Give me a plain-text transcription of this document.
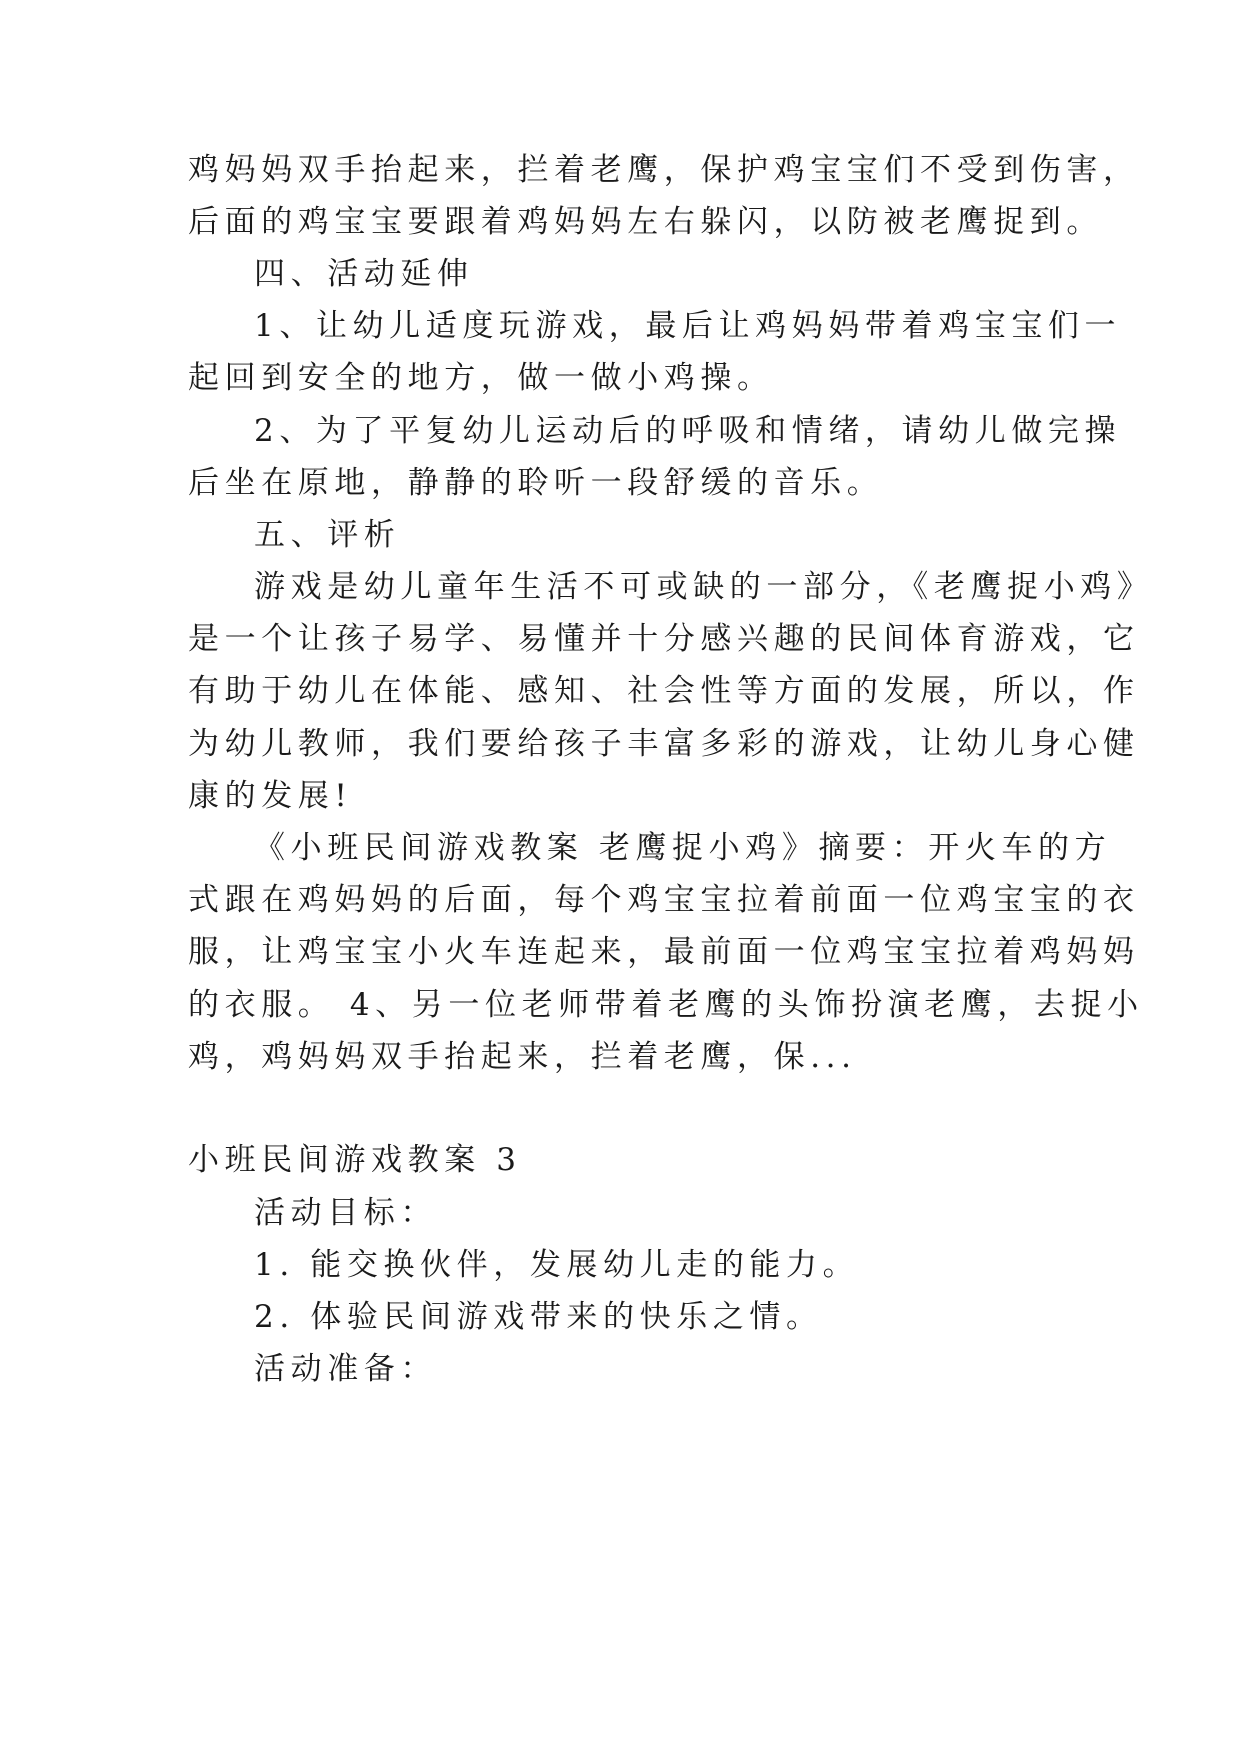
鸡妈妈双手抬起来，拦着老鹰，保护鸡宝宝们不受到伤害，
后面的鸡宝宝要跟着鸡妈妈左右躲闪，以防被老鹰捉到。
四、活动延伸
1、让幼儿适度玩游戏，最后让鸡妈妈带着鸡宝宝们一
起回到安全的地方，做一做小鸡操。
2、为了平复幼儿运动后的呼吸和情绪，请幼儿做完操
后坐在原地，静静的聆听一段舒缓的音乐。
五、评析
游戏是幼儿童年生活不可或缺的一部分，《老鹰捉小鸡》
是一个让孩子易学、易懂并十分感兴趣的民间体育游戏，它
有助于幼儿在体能、感知、社会性等方面的发展，所以，作
为幼儿教师，我们要给孩子丰富多彩的游戏，让幼儿身心健
康的发展!
《小班民间游戏教案 老鹰捉小鸡》摘要：开火车的方
式跟在鸡妈妈的后面，每个鸡宝宝拉着前面一位鸡宝宝的衣
服，让鸡宝宝小火车连起来，最前面一位鸡宝宝拉着鸡妈妈
的衣服。 4、另一位老师带着老鹰的头饰扮演老鹰，去捉小
鸡，鸡妈妈双手抬起来，拦着老鹰，保...
小班民间游戏教案 3
活动目标：
1. 能交换伙伴，发展幼儿走的能力。
2. 体验民间游戏带来的快乐之情。
活动准备：
